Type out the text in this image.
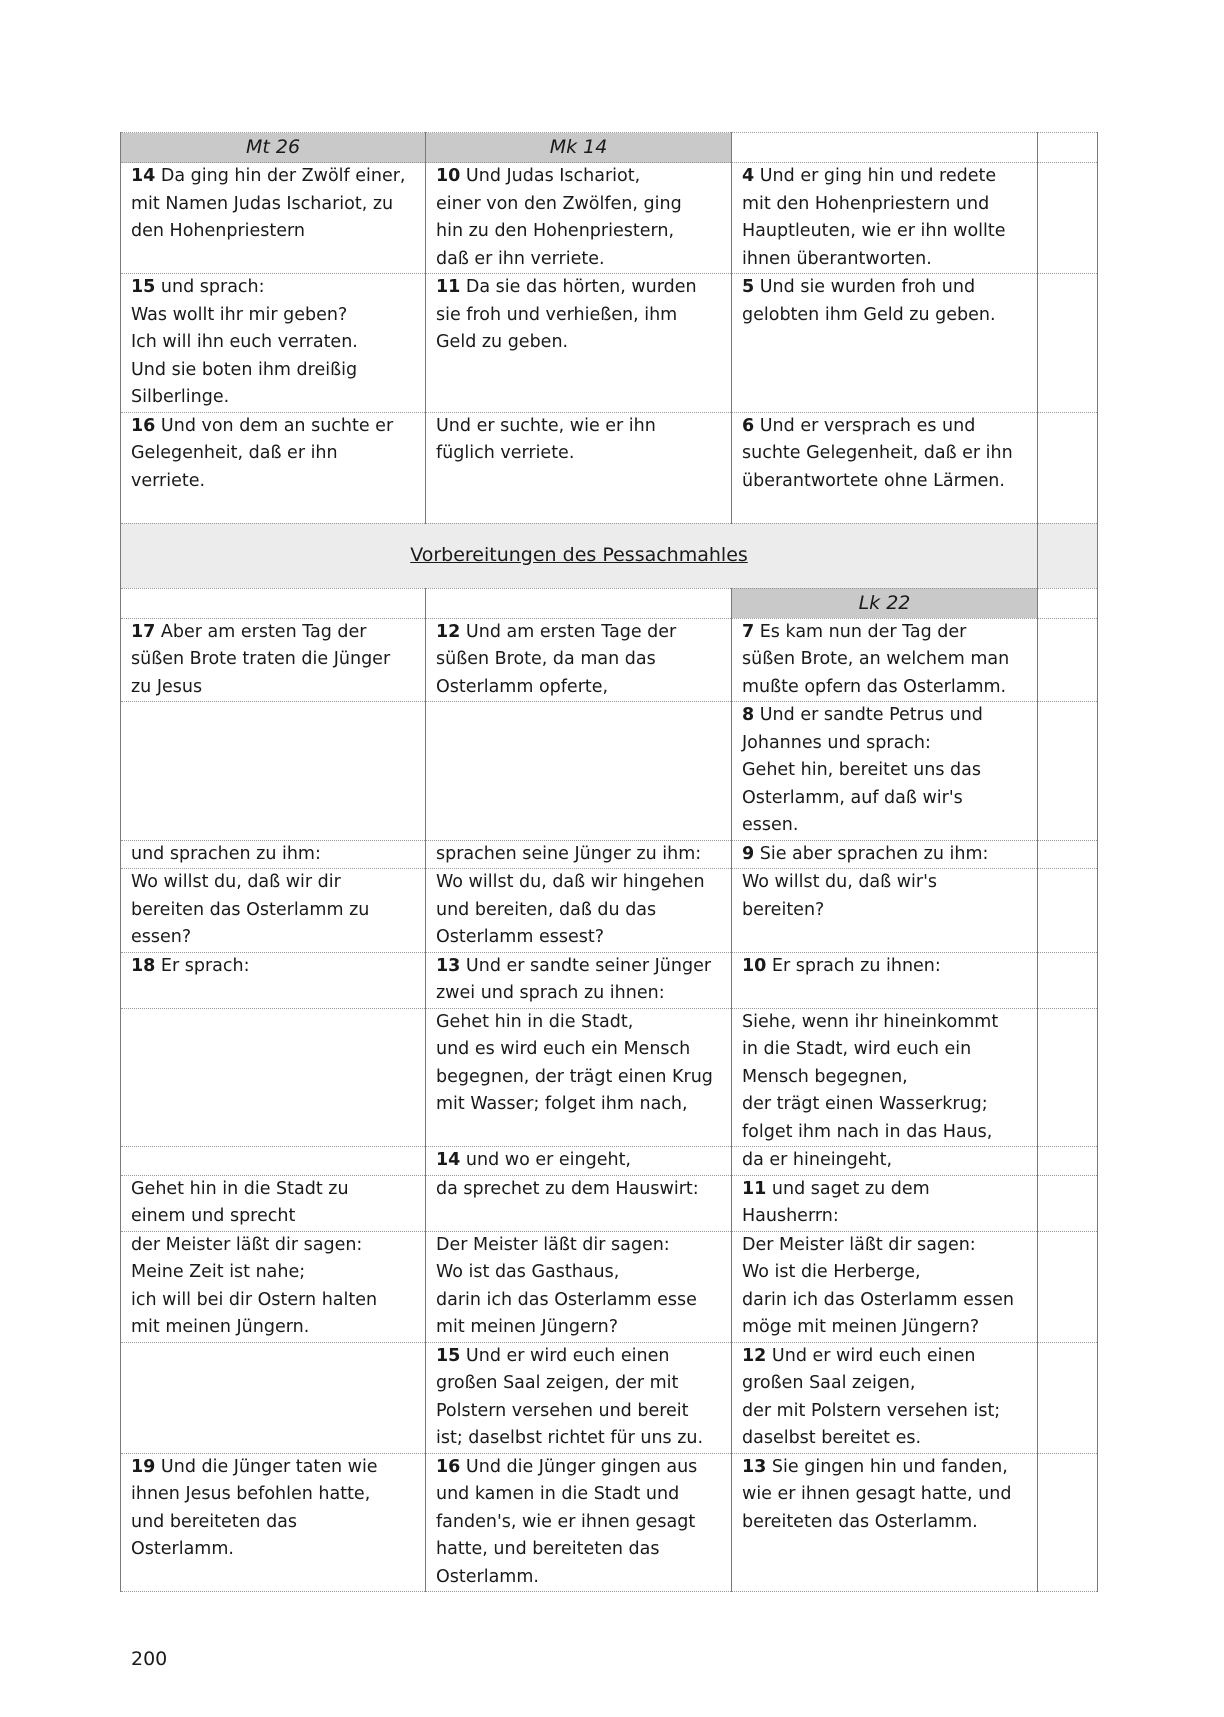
Mt 26	Mk 14		
14 Da ging hin der Zwölf einer,
mit Namen Judas Ischariot, zu
den Hohenpriestern	10 Und Judas Ischariot,
einer von den Zwölfen, ging
hin zu den Hohenpriestern,
daß er ihn verriete.	4 Und er ging hin und redete
mit den Hohenpriestern und
Hauptleuten, wie er ihn wollte
ihnen überantworten.	
15 und sprach:
Was wollt ihr mir geben?
Ich will ihn euch verraten.
Und sie boten ihm dreißig
Silberlinge.	11 Da sie das hörten, wurden
sie froh und verhießen, ihm
Geld zu geben.	5 Und sie wurden froh und
gelobten ihm Geld zu geben.	
16 Und von dem an suchte er
Gelegenheit, daß er ihn
verriete.	Und er suchte, wie er ihn
füglich verriete.	6 Und er versprach es und
suchte Gelegenheit, daß er ihn
überantwortete ohne Lärmen.	
Vorbereitungen des Pessachmahles			
		Lk 22	
17 Aber am ersten Tag der
süßen Brote traten die Jünger
zu Jesus	12 Und am ersten Tage der
süßen Brote, da man das
Osterlamm opferte,	7 Es kam nun der Tag der
süßen Brote, an welchem man
mußte opfern das Osterlamm.	
		8 Und er sandte Petrus und
Johannes und sprach:
Gehet hin, bereitet uns das
Osterlamm, auf daß wir's
essen.	
und sprachen zu ihm:	sprachen seine Jünger zu ihm:	9 Sie aber sprachen zu ihm:	
Wo willst du, daß wir dir
bereiten das Osterlamm zu
essen?	Wo willst du, daß wir hingehen
und bereiten, daß du das
Osterlamm essest?	Wo willst du, daß wir's
bereiten?	
18 Er sprach:	13 Und er sandte seiner Jünger
zwei und sprach zu ihnen:	10 Er sprach zu ihnen:	
	Gehet hin in die Stadt,
und es wird euch ein Mensch
begegnen, der trägt einen Krug
mit Wasser; folget ihm nach,	Siehe, wenn ihr hineinkommt
in die Stadt, wird euch ein
Mensch begegnen,
der trägt einen Wasserkrug;
folget ihm nach in das Haus,	
	14 und wo er eingeht,	da er hineingeht,	
Gehet hin in die Stadt zu
einem und sprecht	da sprechet zu dem Hauswirt:	11 und saget zu dem
Hausherrn:	
der Meister läßt dir sagen:
Meine Zeit ist nahe;
ich will bei dir Ostern halten
mit meinen Jüngern.	Der Meister läßt dir sagen:
Wo ist das Gasthaus,
darin ich das Osterlamm esse
mit meinen Jüngern?	Der Meister läßt dir sagen:
Wo ist die Herberge,
darin ich das Osterlamm essen
möge mit meinen Jüngern?	
	15 Und er wird euch einen
großen Saal zeigen, der mit
Polstern versehen und bereit
ist; daselbst richtet für uns zu.	12 Und er wird euch einen
großen Saal zeigen,
der mit Polstern versehen ist;
daselbst bereitet es.	
19 Und die Jünger taten wie
ihnen Jesus befohlen hatte,
und bereiteten das
Osterlamm.	16 Und die Jünger gingen aus
und kamen in die Stadt und
fanden's, wie er ihnen gesagt
hatte, und bereiteten das
Osterlamm.	13 Sie gingen hin und fanden,
wie er ihnen gesagt hatte, und
bereiteten das Osterlamm.	
200
